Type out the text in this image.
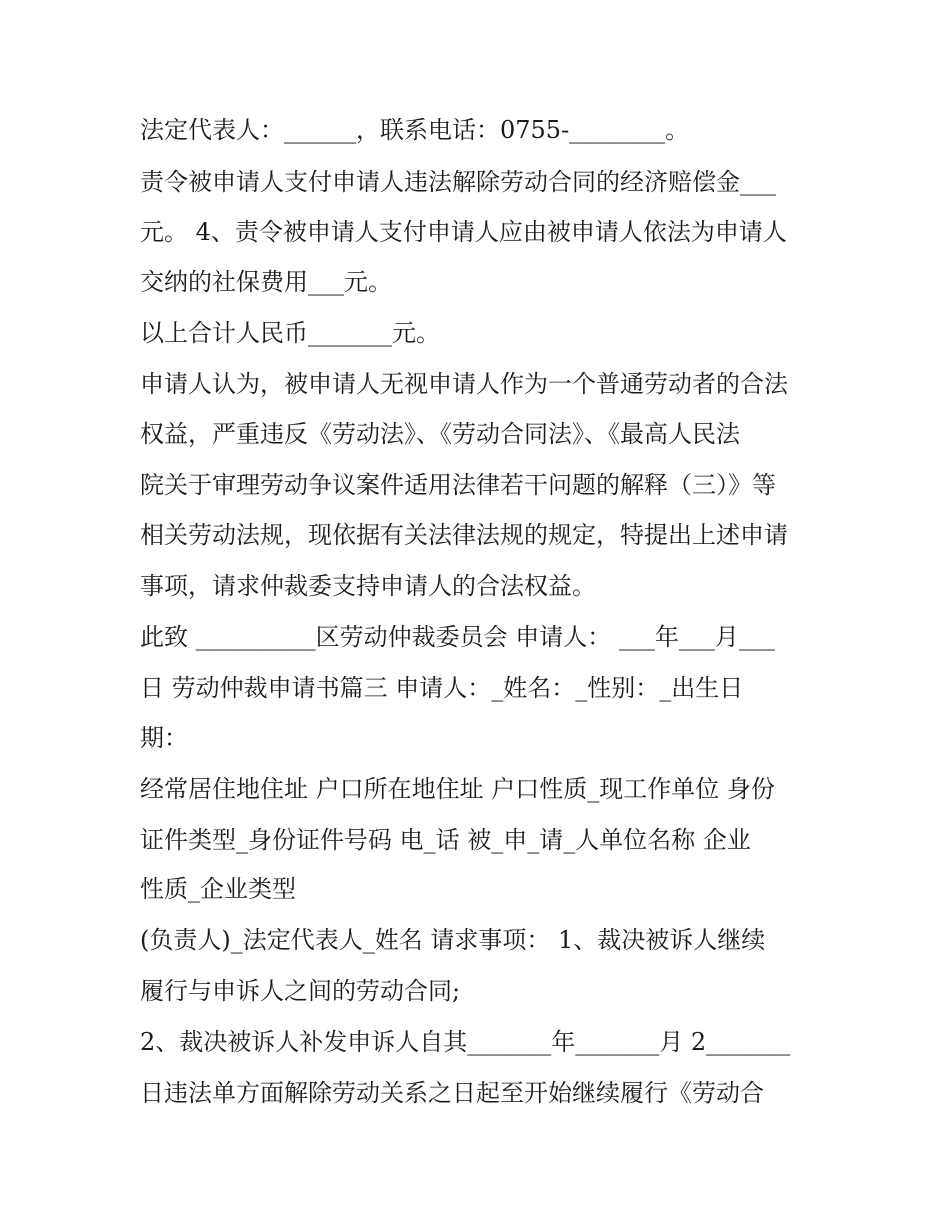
法定代表人：______，联系电话：0755-________。
责令被申请人支付申请人违法解除劳动合同的经济赔偿金___
元。 4、责令被申请人支付申请人应由被申请人依法为申请人
交纳的社保费用___元。
以上合计人民币_______元。
申请人认为，被申请人无视申请人作为一个普通劳动者的合法
权益，严重违反《劳动法》、《劳动合同法》、《最高人民法
院关于审理劳动争议案件适用法律若干问题的解释（三）》等
相关劳动法规，现依据有关法律法规的规定，特提出上述申请
事项，请求仲裁委支持申请人的合法权益。
此致 __________区劳动仲裁委员会 申请人： ___年___月___
日 劳动仲裁申请书篇三 申请人：_姓名：_性别：_出生日
期：
经常居住地住址 户口所在地住址 户口性质_现工作单位 身份
证件类型_身份证件号码 电_话 被_申_请_人单位名称 企业
性质_企业类型
(负责人)_法定代表人_姓名 请求事项： 1、裁决被诉人继续
履行与申诉人之间的劳动合同;
2、裁决被诉人补发申诉人自其_______年_______月 2_______
日违法单方面解除劳动关系之日起至开始继续履行《劳动合
